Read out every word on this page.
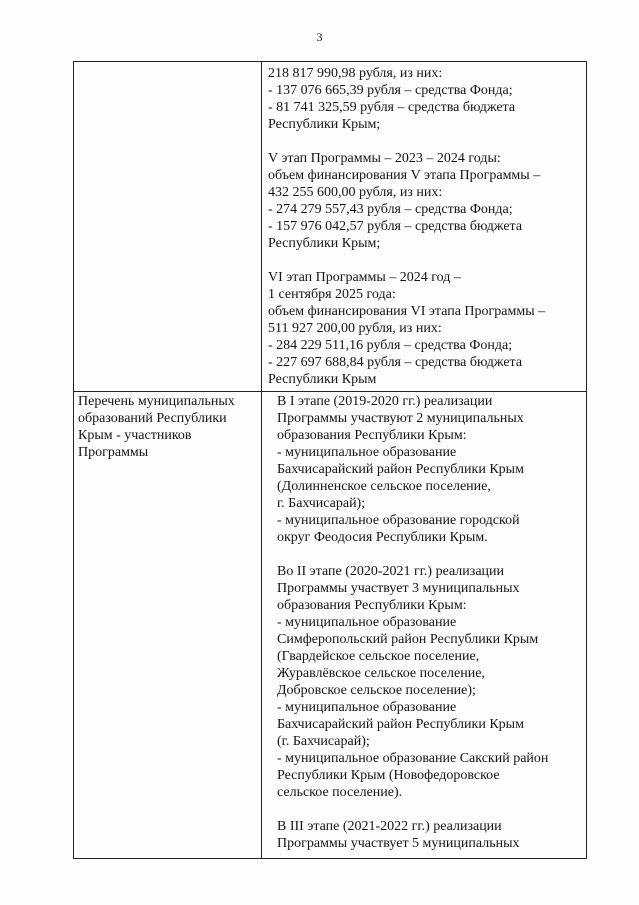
3
218 817 990,98 рубля, из них:
- 137 076 665,39 рубля – средства Фонда;
- 81 741 325,59 рубля – средства бюджета
Республики Крым;
V этап Программы – 2023 – 2024 годы:
объем финансирования V этапа Программы –
432 255 600,00 рубля, из них:
- 274 279 557,43 рубля – средства Фонда;
- 157 976 042,57 рубля – средства бюджета
Республики Крым;
VI этап Программы – 2024 год –
1 сентября 2025 года:
объем финансирования VI этапа Программы –
511 927 200,00 рубля, из них:
- 284 229 511,16 рубля – средства Фонда;
- 227 697 688,84 рубля – средства бюджета
Республики Крым
Перечень муниципальных
образований Республики
Крым - участников
Программы
В I этапе (2019-2020 гг.) реализации
Программы участвуют 2 муниципальных
образования Республики Крым:
- муниципальное образование
Бахчисарайский район Республики Крым
(Долинненское сельское поселение,
г. Бахчисарай);
- муниципальное образование городской
округ Феодосия Республики Крым.
Во II этапе (2020-2021 гг.) реализации
Программы участвует 3 муниципальных
образования Республики Крым:
- муниципальное образование
Симферопольский район Республики Крым
(Гвардейское сельское поселение,
Журавлёвское сельское поселение,
Добровское сельское поселение);
- муниципальное образование
Бахчисарайский район Республики Крым
(г. Бахчисарай);
- муниципальное образование Сакский район
Республики Крым (Новофедоровское
сельское поселение).
В III этапе (2021-2022 гг.) реализации
Программы участвует 5 муниципальных
